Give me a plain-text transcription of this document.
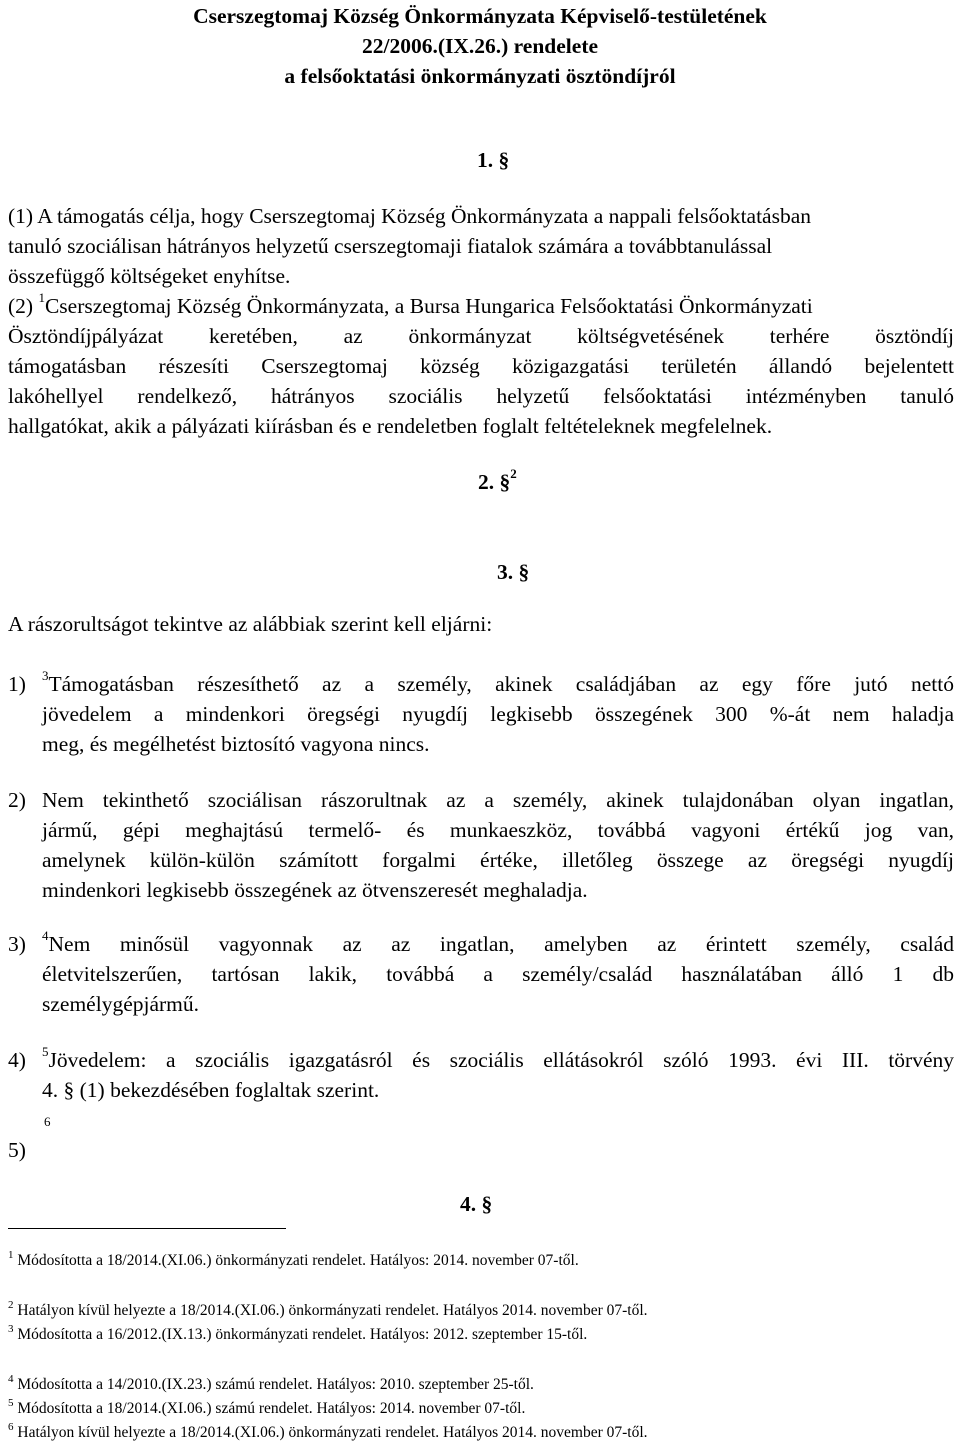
Cserszegtomaj Község Önkormányzata Képviselő-testületének
22/2006.(IX.26.) rendelete
a felsőoktatási önkormányzati ösztöndíjról
1. §
(1) A támogatás célja, hogy Cserszegtomaj Község Önkormányzata a nappali felsőoktatásban
tanuló szociálisan hátrányos helyzetű cserszegtomaji fiatalok számára a továbbtanulással
összefüggő költségeket enyhítse.
(2) $^1$Cserszegtomaj Község Önkormányzata, a Bursa Hungarica Felsőoktatási Önkormányzati
Ösztöndíjpályázat keretében, az önkormányzat költségvetésének terhére ösztöndíj
támogatásban részesíti Cserszegtomaj község közigazgatási területén állandó bejelentett
lakóhellyel rendelkező, hátrányos szociális helyzetű felsőoktatási intézményben tanuló
hallgatókat, akik a pályázati kiírásban és e rendeletben foglalt feltételeknek megfelelnek.
2. §$^2$
3. §
A rászorultságot tekintve az alábbiak szerint kell eljárni:
1) $^3$Támogatásban részesíthető az a személy, akinek családjában az egy főre jutó nettó
jövedelem a mindenkori öregségi nyugdíj legkisebb összegének 300 %-át nem haladja
meg, és megélhetést biztosító vagyona nincs.
2) Nem tekinthető szociálisan rászorultnak az a személy, akinek tulajdonában olyan ingatlan,
jármű, gépi meghajtású termelő- és munkaeszköz, továbbá vagyoni értékű jog van,
amelynek külön-külön számított forgalmi értéke, illetőleg összege az öregségi nyugdíj
mindenkori legkisebb összegének az ötvenszeresét meghaladja.
3) $^4$Nem minősül vagyonnak az az ingatlan, amelyben az érintett személy, család
életvitelszerűen, tartósan lakik, továbbá a személy/család használatában álló 1 db
személygépjármű.
4) $^5$Jövedelem: a szociális igazgatásról és szociális ellátásokról szóló 1993. évi III. törvény
4. § (1) bekezdésében foglaltak szerint.
5)
$^6$
4. §
$^1$ Módosította a 18/2014.(XI.06.) önkormányzati rendelet. Hatályos: 2014. november 07-től.
$^2$ Hatályon kívül helyezte a 18/2014.(XI.06.) önkormányzati rendelet. Hatályos 2014. november 07-től.
$^3$ Módosította a 16/2012.(IX.13.) önkormányzati rendelet. Hatályos: 2012. szeptember 15-től.
$^4$ Módosította a 14/2010.(IX.23.) számú rendelet. Hatályos: 2010. szeptember 25-től.
$^5$ Módosította a 18/2014.(XI.06.) számú rendelet. Hatályos: 2014. november 07-től.
$^6$ Hatályon kívül helyezte a 18/2014.(XI.06.) önkormányzati rendelet. Hatályos 2014. november 07-től.
